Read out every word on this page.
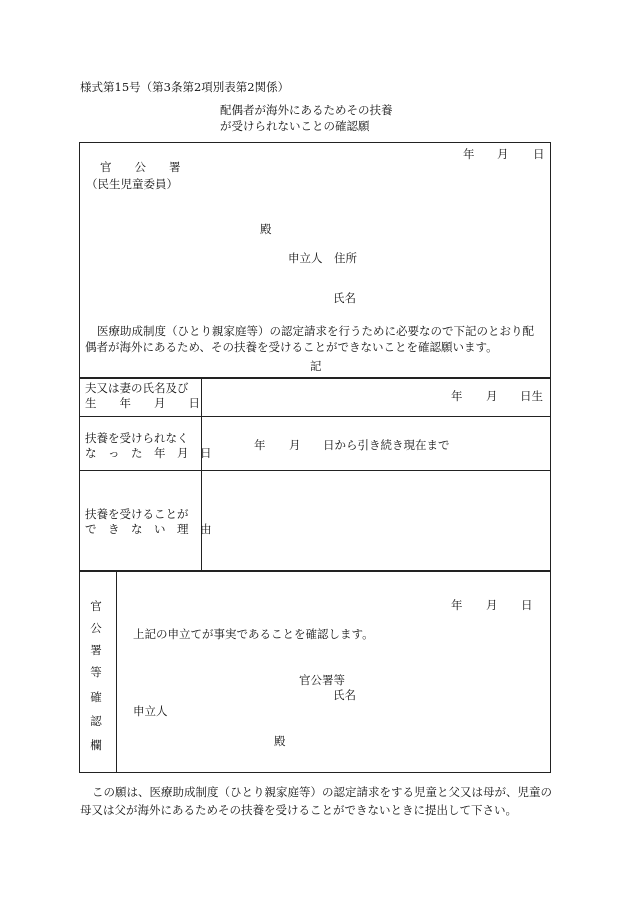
様式第15号（第3条第2項別表第2関係）
配偶者が海外にあるためその扶養
が受けられないことの確認願
年 月 日
官　　公　　署
（民生児童委員）
殿
申立人　住所
氏名
医療助成制度（ひとり親家庭等）の認定請求を行うために必要なので下記のとおり配偶者が海外にあるため、その扶養を受けることができないことを確認願います。
記
夫又は妻の氏名及び
生　　年　　月　　日	年 月 日生
扶養を受けられなく
な　っ　た　年　月　日
年 月 日から引き続き現在まで
扶養を受けることが
で　き　な　い　理　由
官
公
署
等
確
認
欄
年 月 日
上記の申立てが事実であることを確認します。
官公署等
氏名
申立人
殿
この願は、医療助成制度（ひとり親家庭等）の認定請求をする児童と父又は母が、児童の母又は父が海外にあるためその扶養を受けることができないときに提出して下さい。
